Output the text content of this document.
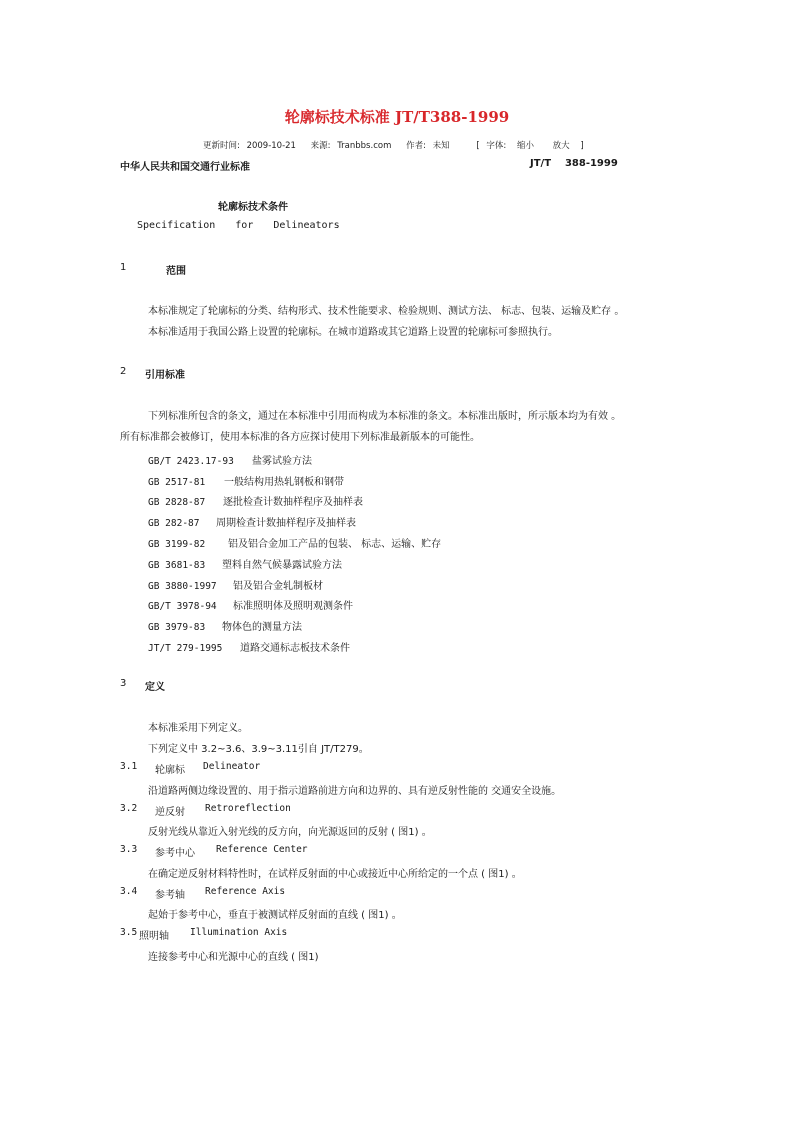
轮廓标技术标准 JT/T388-1999
更新时间: 2009-10-21 来源: Tranbbs.com 作者: 未知	[ 字体: 缩小 放大 ]
中华人民共和国交通行业标准	JT/T    388-1999
轮廓标技术条件
Specification for Delineators
1	范围
本标准规定了轮廓标的分类、结构形式、技术性能要求、检验规则、测试方法、 标志、包装、运输及贮存 。
本标准适用于我国公路上设置的轮廓标。在城市道路或其它道路上设置的轮廓标可参照执行。
2 引用标准
下列标准所包含的条文，通过在本标准中引用而构成为本标准的条文。本标准出版时，所示版本均为有效 。
所有标准都会被修订，使用本标准的各方应探讨使用下列标准最新版本的可能性。
GB/T 2423.17-93 盐雾试验方法
GB 2517-81 一般结构用热轧钢板和钢带
GB 2828-87 逐批检查计数抽样程序及抽样表
GB 282-87 周期检查计数抽样程序及抽样表
GB 3199-82 铝及铝合金加工产品的包装、 标志、运输、贮存
GB 3681-83 塑料自然气候暴露试验方法
GB 3880-1997 铝及铝合金轧制板材
GB/T 3978-94 标准照明体及照明观测条件
GB 3979-83 物体色的测量方法
JT/T 279-1995 道路交通标志板技术条件
3 定义
本标准采用下列定义。
下列定义中 3.2~3.6、3.9~3.11引自 JT/T279。
3.1 轮廓标 Delineator
沿道路两侧边缘设置的、用于指示道路前进方向和边界的、具有逆反射性能的 交通安全设施。
3.2 逆反射 Retroreflection
反射光线从靠近入射光线的反方向，向光源返回的反射 ( 图1) 。
3.3 参考中心 Reference Center
在确定逆反射材料特性时，在试样反射面的中心或接近中心所给定的一个点 ( 图1) 。
3.4 参考轴 Reference Axis
起始于参考中心，垂直于被测试样反射面的直线 ( 图1) 。
3.5 照明轴 Illumination Axis
连接参考中心和光源中心的直线 ( 图1)
